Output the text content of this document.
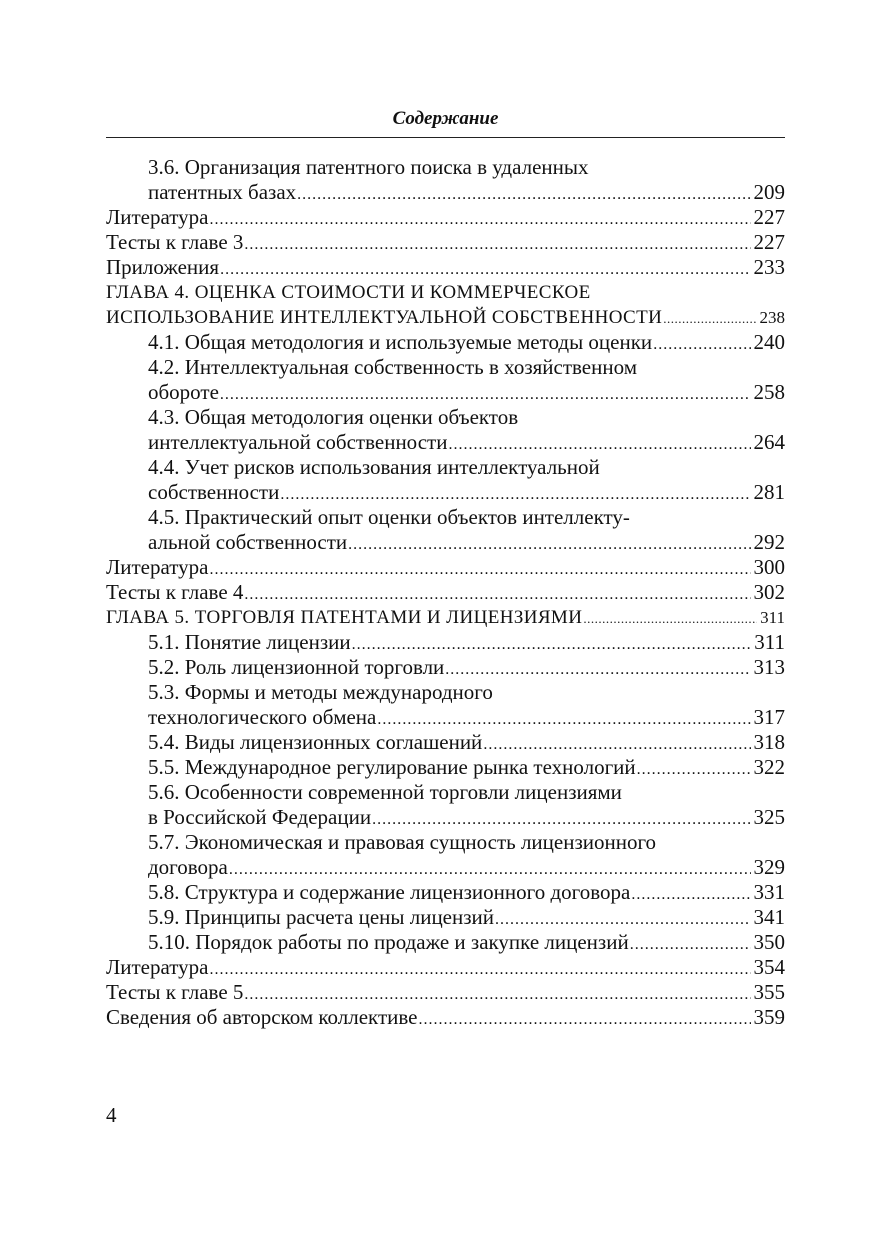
Содержание
3.6. Организация патентного поиска в удаленных
патентных базах .....	209
Литература .....	227
Тесты к главе 3 .....	227
Приложения .....	233
ГЛАВА 4. ОЦЕНКА СТОИМОСТИ И КОММЕРЧЕСКОЕ
ИСПОЛЬЗОВАНИЕ ИНТЕЛЛЕКТУАЛЬНОЙ СОБСТВЕННОСТИ .....	238
4.1. Общая методология и используемые методы оценки .....	240
4.2. Интеллектуальная собственность в хозяйственном
обороте .....	258
4.3. Общая методология оценки объектов
интеллектуальной собственности .....	264
4.4. Учет рисков использования интеллектуальной
собственности .....	281
4.5. Практический опыт оценки объектов интеллекту-
альной собственности .....	292
Литература .....	300
Тесты к главе 4 .....	302
ГЛАВА 5. ТОРГОВЛЯ ПАТЕНТАМИ И ЛИЦЕНЗИЯМИ .....	311
5.1. Понятие лицензии .....	311
5.2. Роль лицензионной торговли .....	313
5.3. Формы и методы международного
технологического обмена .....	317
5.4. Виды лицензионных соглашений .....	318
5.5. Международное регулирование рынка технологий .....	322
5.6. Особенности современной торговли лицензиями
в Российской Федерации .....	325
5.7. Экономическая и правовая сущность лицензионного
договора .....	329
5.8. Структура и содержание лицензионного договора .....	331
5.9. Принципы расчета цены лицензий .....	341
5.10. Порядок работы по продаже и закупке лицензий .....	350
Литература .....	354
Тесты к главе 5 .....	355
Сведения об авторском коллективе .....	359
4
